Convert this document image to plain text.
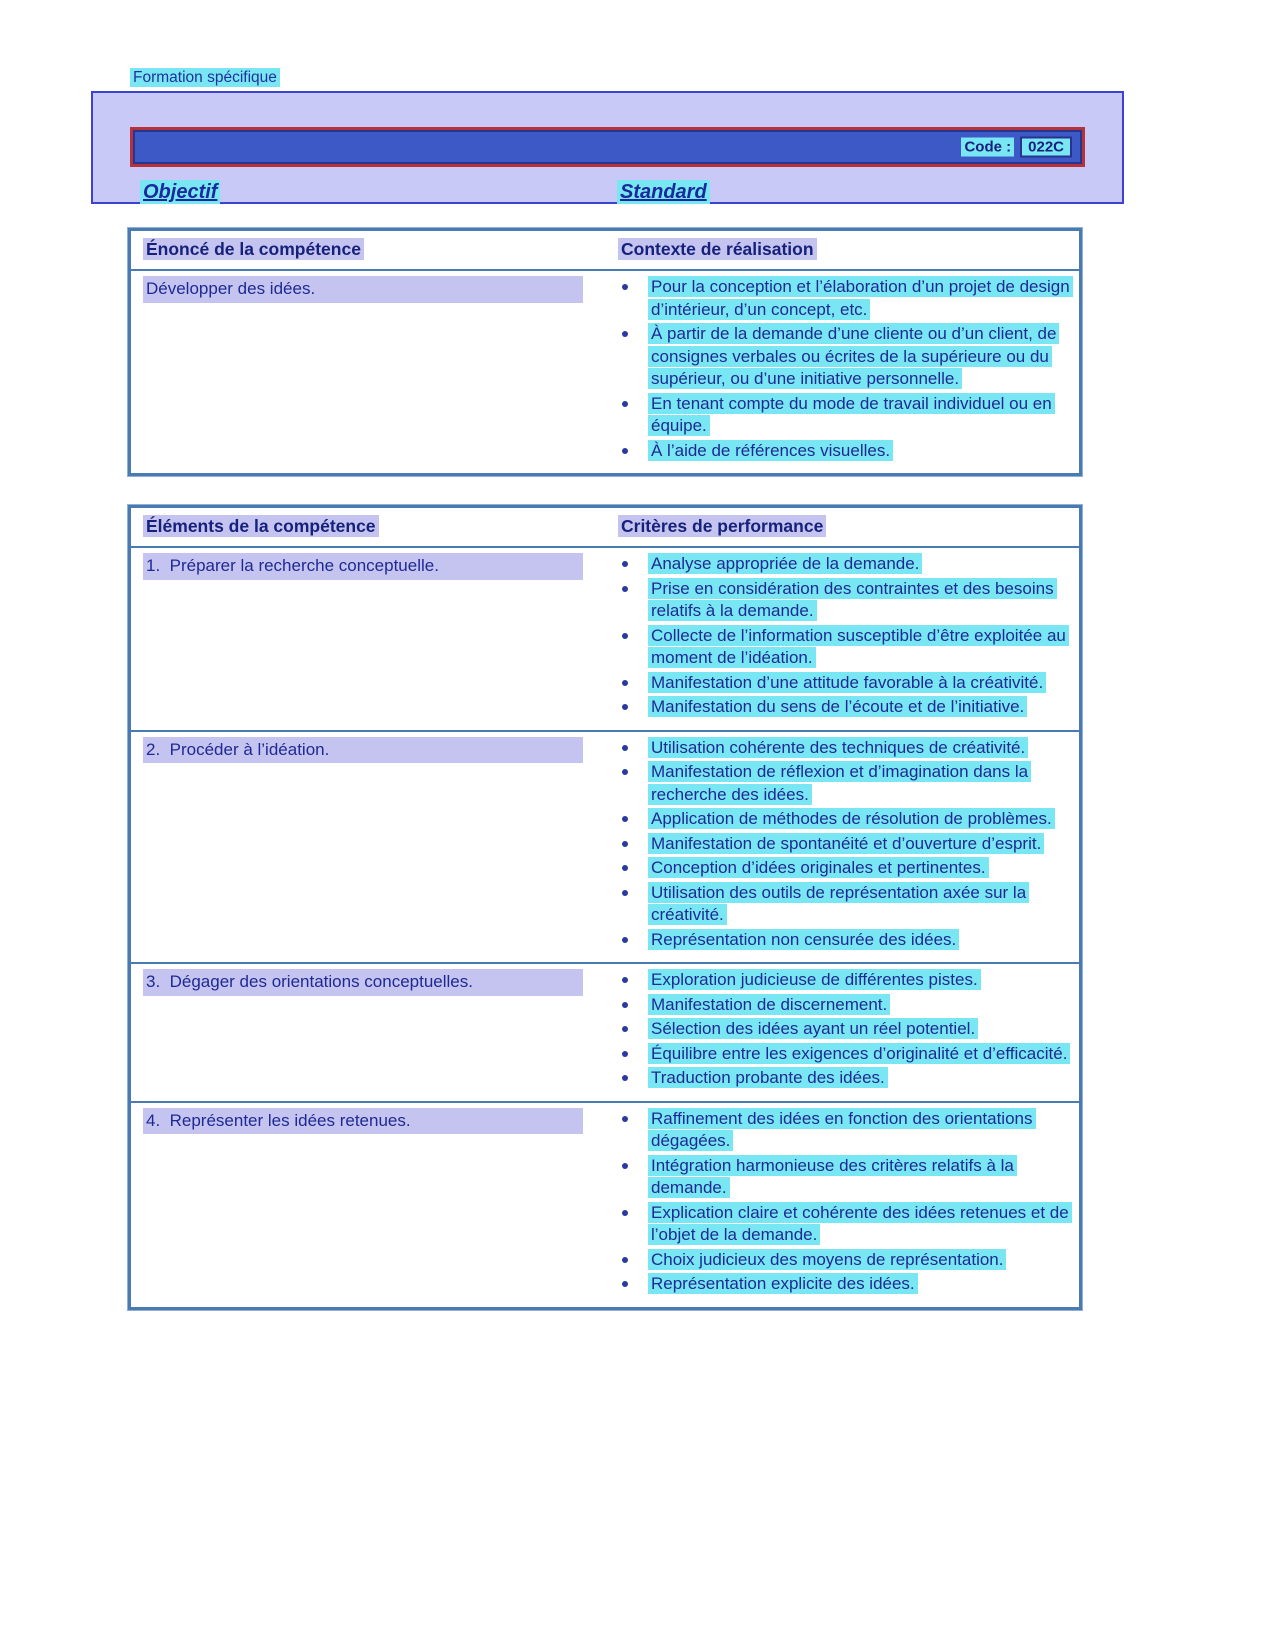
Formation spécifique
Code :	022C
Objectif	Standard
Énoncé de la compétence	Contexte de réalisation
Développer des idées.	Pour la conception et l’élaboration d’un projet de design d’intérieur, d’un concept, etc.
À partir de la demande d’une cliente ou d’un client, de consignes verbales ou écrites de la supérieure ou du supérieur, ou d’une initiative personnelle.
En tenant compte du mode de travail individuel ou en équipe.
À l’aide de références visuelles.
Éléments de la compétence	Critères de performance
1.  Préparer la recherche conceptuelle.	Analyse appropriée de la demande.
Prise en considération des contraintes et des besoins relatifs à la demande.
Collecte de l’information susceptible d’être exploitée au moment de l’idéation.
Manifestation d’une attitude favorable à la créativité.
Manifestation du sens de l’écoute et de l’initiative.
2.  Procéder à l’idéation.	Utilisation cohérente des techniques de créativité.
Manifestation de réflexion et d’imagination dans la recherche des idées.
Application de méthodes de résolution de problèmes.
Manifestation de spontanéité et d’ouverture d’esprit.
Conception d’idées originales et pertinentes.
Utilisation des outils de représentation axée sur la créativité.
Représentation non censurée des idées.
3.  Dégager des orientations conceptuelles.	Exploration judicieuse de différentes pistes.
Manifestation de discernement.
Sélection des idées ayant un réel potentiel.
Équilibre entre les exigences d’originalité et d’efficacité.
Traduction probante des idées.
4.  Représenter les idées retenues.	Raffinement des idées en fonction des orientations dégagées.
Intégration harmonieuse des critères relatifs à la demande.
Explication claire et cohérente des idées retenues et de l’objet de la demande.
Choix judicieux des moyens de représentation.
Représentation explicite des idées.
